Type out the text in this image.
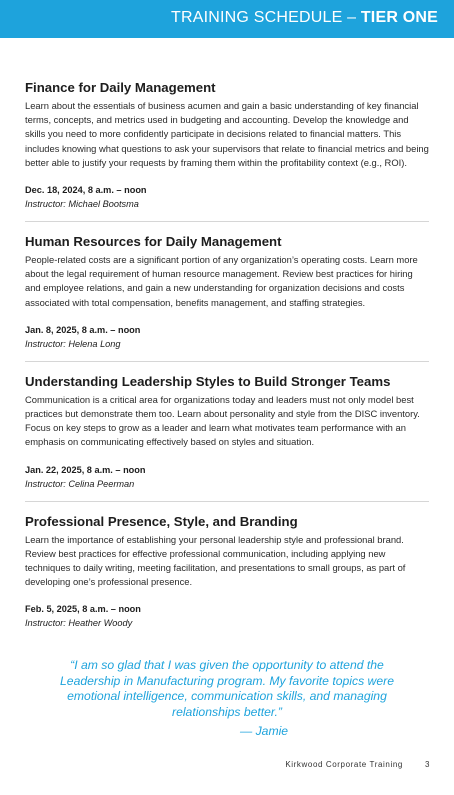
TRAINING SCHEDULE – TIER ONE
Finance for Daily Management

Learn about the essentials of business acumen and gain a basic understanding of key financial terms, concepts, and metrics used in budgeting and accounting. Develop the knowledge and skills you need to more confidently participate in decisions related to financial matters. This includes knowing what questions to ask your supervisors that relate to financial metrics and being better able to justify your requests by framing them within the profitability context (e.g., ROI).

Dec. 18, 2024, 8 a.m. – noon

Instructor: Michael Bootsma

Human Resources for Daily Management

People-related costs are a significant portion of any organization’s operating costs. Learn more about the legal requirement of human resource management. Review best practices for hiring and employee relations, and gain a new understanding for organization decisions and costs associated with total compensation, benefits management, and staffing strategies.

Jan. 8, 2025, 8 a.m. – noon

Instructor: Helena Long

Understanding Leadership Styles to Build Stronger Teams

Communication is a critical area for organizations today and leaders must not only model best practices but demonstrate them too. Learn about personality and style from the DISC inventory. Focus on key steps to grow as a leader and learn what motivates team performance with an emphasis on communicating effectively based on styles and situation.

Jan. 22, 2025, 8 a.m. – noon

Instructor: Celina Peerman

Professional Presence, Style, and Branding

Learn the importance of establishing your personal leadership style and professional brand. Review best practices for effective professional communication, including applying new techniques to daily writing, meeting facilitation, and presentations to small groups, as part of developing one’s professional presence.

Feb. 5, 2025, 8 a.m. – noon

Instructor: Heather Woody

“I am so glad that I was given the opportunity to attend the Leadership in Manufacturing program. My favorite topics were emotional intelligence, communication skills, and managing relationships better.”
— Jamie
Kirkwood Corporate Training	3
